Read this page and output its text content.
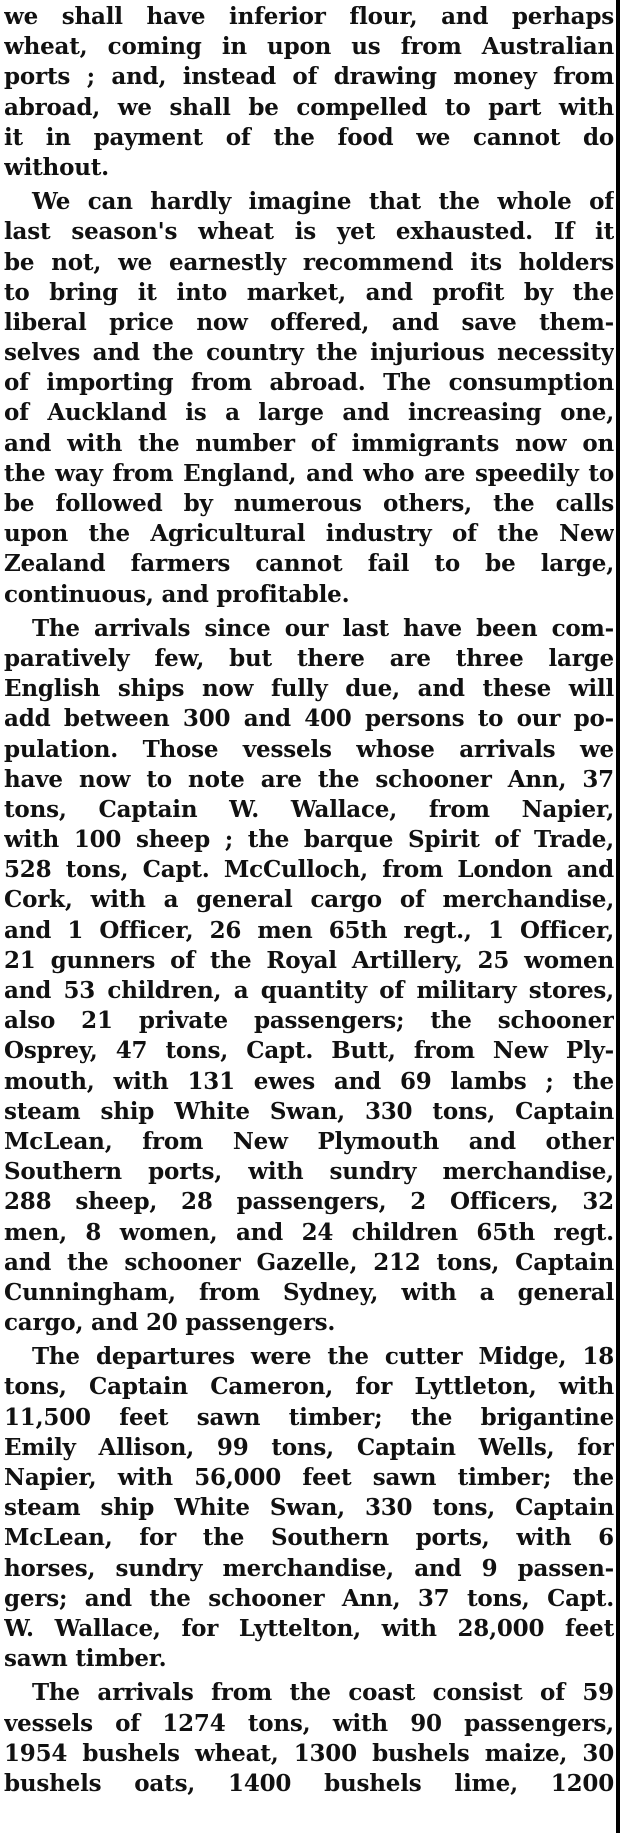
we shall have inferior flour, and perhaps
wheat, coming in upon us from Australian
ports ; and, instead of drawing money from
abroad, we shall be compelled to part with
it in payment of the food we cannot do
without.
We can hardly imagine that the whole of
last season's wheat is yet exhausted. If it
be not, we earnestly recommend its holders
to bring it into market, and profit by the
liberal price now offered, and save them-
selves and the country the injurious necessity
of importing from abroad. The consumption
of Auckland is a large and increasing one,
and with the number of immigrants now on
the way from England, and who are speedily to
be followed by numerous others, the calls
upon the Agricultural industry of the New
Zealand farmers cannot fail to be large,
continuous, and profitable.
The arrivals since our last have been com-
paratively few, but there are three large
English ships now fully due, and these will
add between 300 and 400 persons to our po-
pulation. Those vessels whose arrivals we
have now to note are the schooner Ann, 37
tons, Captain W. Wallace, from Napier,
with 100 sheep ; the barque Spirit of Trade,
528 tons, Capt. McCulloch, from London and
Cork, with a general cargo of merchandise,
and 1 Officer, 26 men 65th regt., 1 Officer,
21 gunners of the Royal Artillery, 25 women
and 53 children, a quantity of military stores,
also 21 private passengers; the schooner
Osprey, 47 tons, Capt. Butt, from New Ply-
mouth, with 131 ewes and 69 lambs ; the
steam ship White Swan, 330 tons, Captain
McLean, from New Plymouth and other
Southern ports, with sundry merchandise,
288 sheep, 28 passengers, 2 Officers, 32
men, 8 women, and 24 children 65th regt.
and the schooner Gazelle, 212 tons, Captain
Cunningham, from Sydney, with a general
cargo, and 20 passengers.
The departures were the cutter Midge, 18
tons, Captain Cameron, for Lyttleton, with
11,500 feet sawn timber; the brigantine
Emily Allison, 99 tons, Captain Wells, for
Napier, with 56,000 feet sawn timber; the
steam ship White Swan, 330 tons, Captain
McLean, for the Southern ports, with 6
horses, sundry merchandise, and 9 passen-
gers; and the schooner Ann, 37 tons, Capt.
W. Wallace, for Lyttelton, with 28,000 feet
sawn timber.
The arrivals from the coast consist of 59
vessels of 1274 tons, with 90 passengers,
1954 bushels wheat, 1300 bushels maize, 30
bushels oats, 1400 bushels lime, 1200
